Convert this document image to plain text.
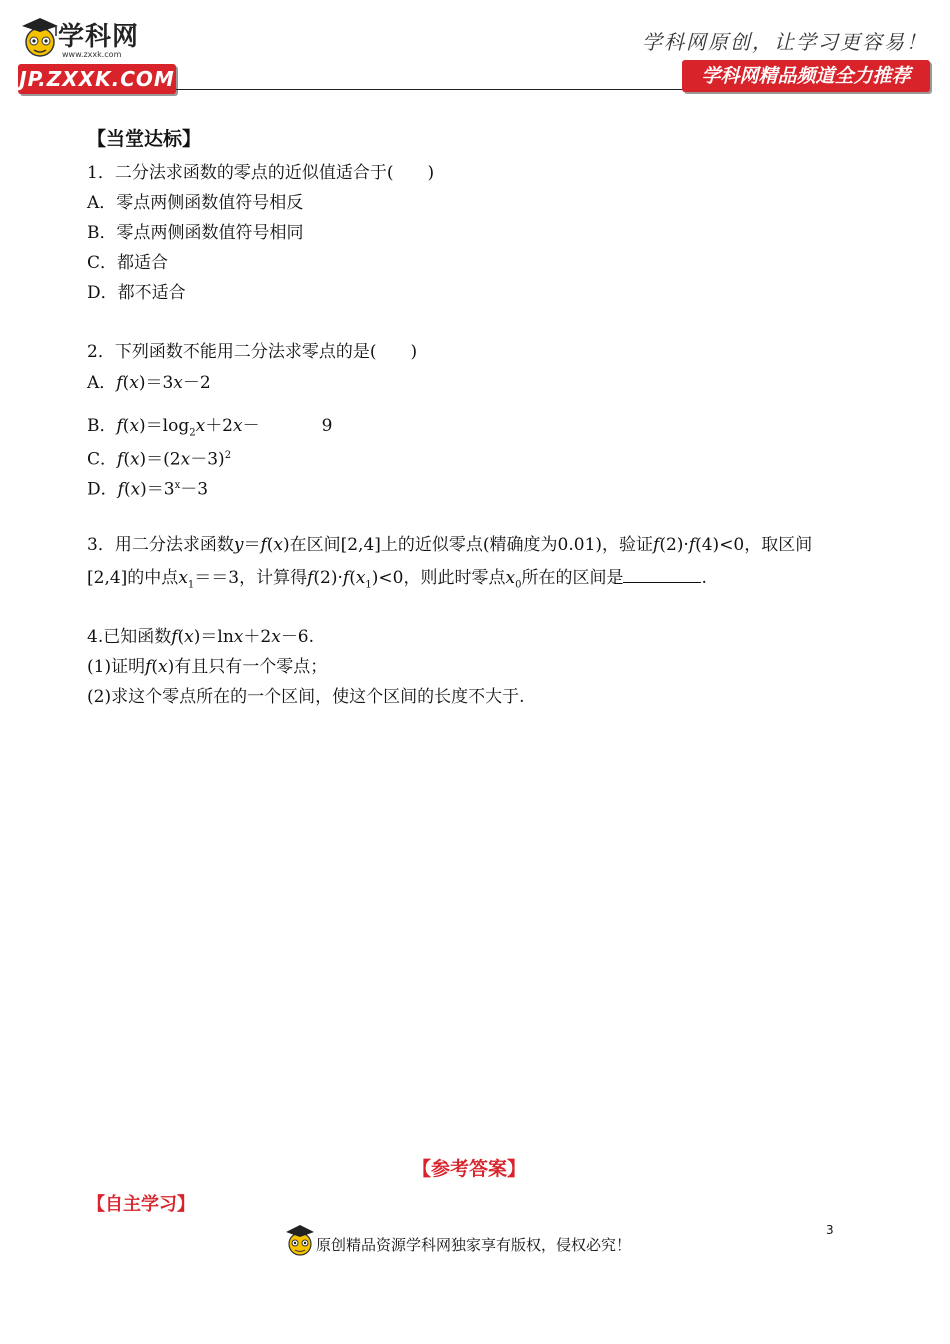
学科网
www.zxxk.com
JP.ZXXK.COM
学科网原创，让学习更容易！
学科网精品频道全力推荐
【当堂达标】
1．二分法求函数的零点的近似值适合于(　　)
A．零点两侧函数值符号相反
B．零点两侧函数值符号相同
C．都适合
D．都不适合
2．下列函数不能用二分法求零点的是(　　)
A．f(x)＝3x－2
B．$f(x)=\log_2x+2x-$	9
C．$f(x)=(2x-3)^2$
D．$f(x)=3^x-3$
3．用二分法求函数y＝f(x)在区间[2,4]上的近似零点(精确度为0.01)，验证f(2)·f(4)<0，取区间
[2,4]的中点$x_1==3$，计算得$f(2)\cdot f(x_1)<0$，则此时零点$x_0$所在的区间是	.
4.已知函数f(x)＝lnx＋2x－6.
(1)证明f(x)有且只有一个零点；
(2)求这个零点所在的一个区间，使这个区间的长度不大于.
【参考答案】
【自主学习】
原创精品资源学科网独家享有版权，侵权必究！
3
